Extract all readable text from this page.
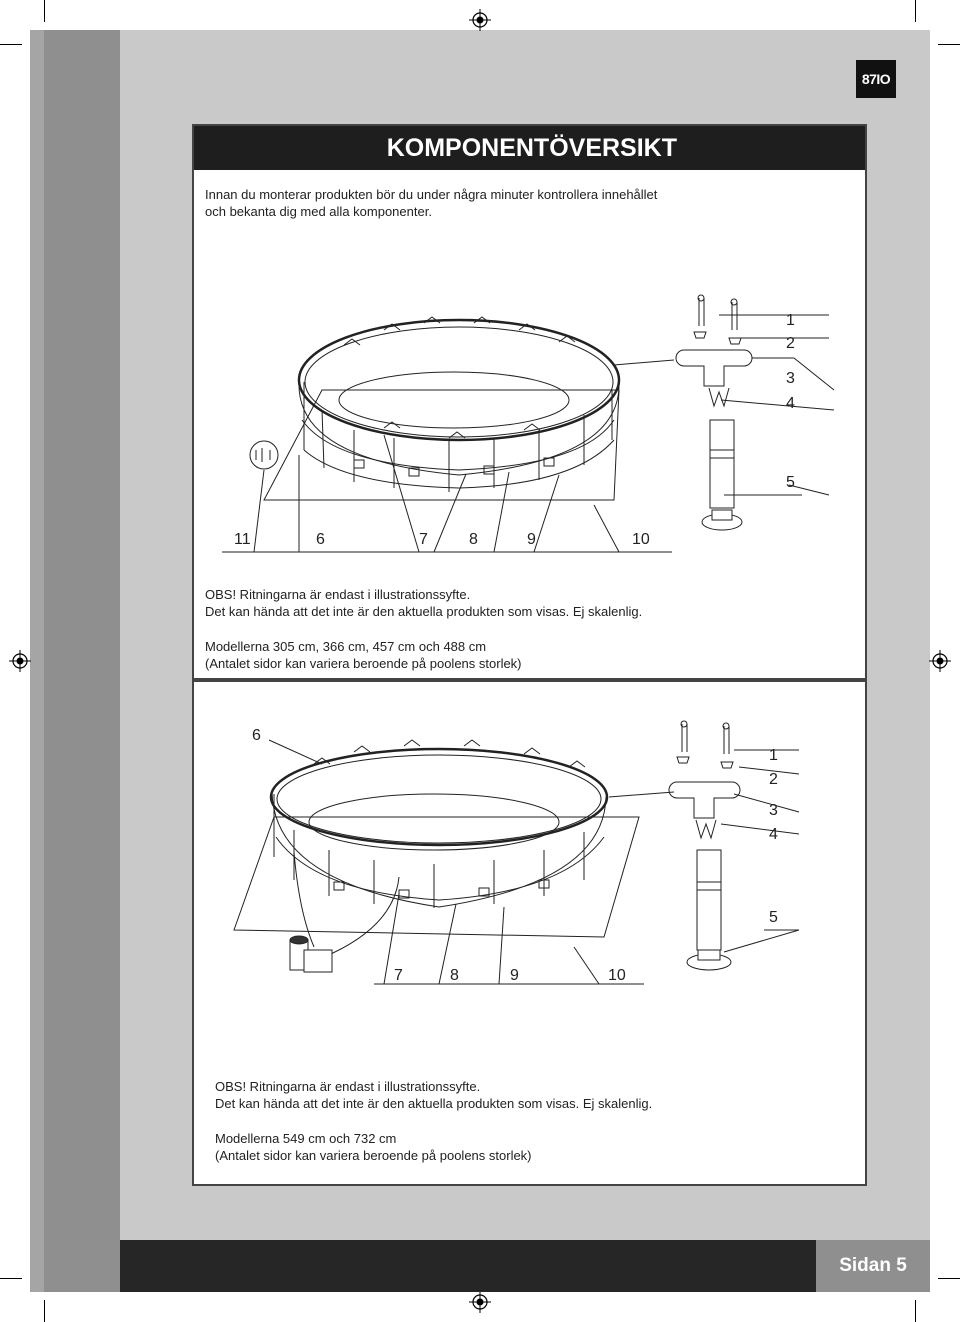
87IO
KOMPONENTÖVERSIKT
Innan du monterar produkten bör du under några minuter kontrollera innehållet
och bekanta dig med alla komponenter.
1
2
3
4
5
11	6	7	8	9	10
OBS! Ritningarna är endast i illustrationssyfte.
Det kan hända att det inte är den aktuella produkten som visas. Ej skalenlig.
Modellerna 305 cm, 366 cm, 457 cm och 488 cm
(Antalet sidor kan variera beroende på poolens storlek)
6
1
2
3
4
5
7	8	9	10
OBS! Ritningarna är endast i illustrationssyfte.
Det kan hända att det inte är den aktuella produkten som visas. Ej skalenlig.
Modellerna 549 cm och 732 cm
(Antalet sidor kan variera beroende på poolens storlek)
Sidan 5
